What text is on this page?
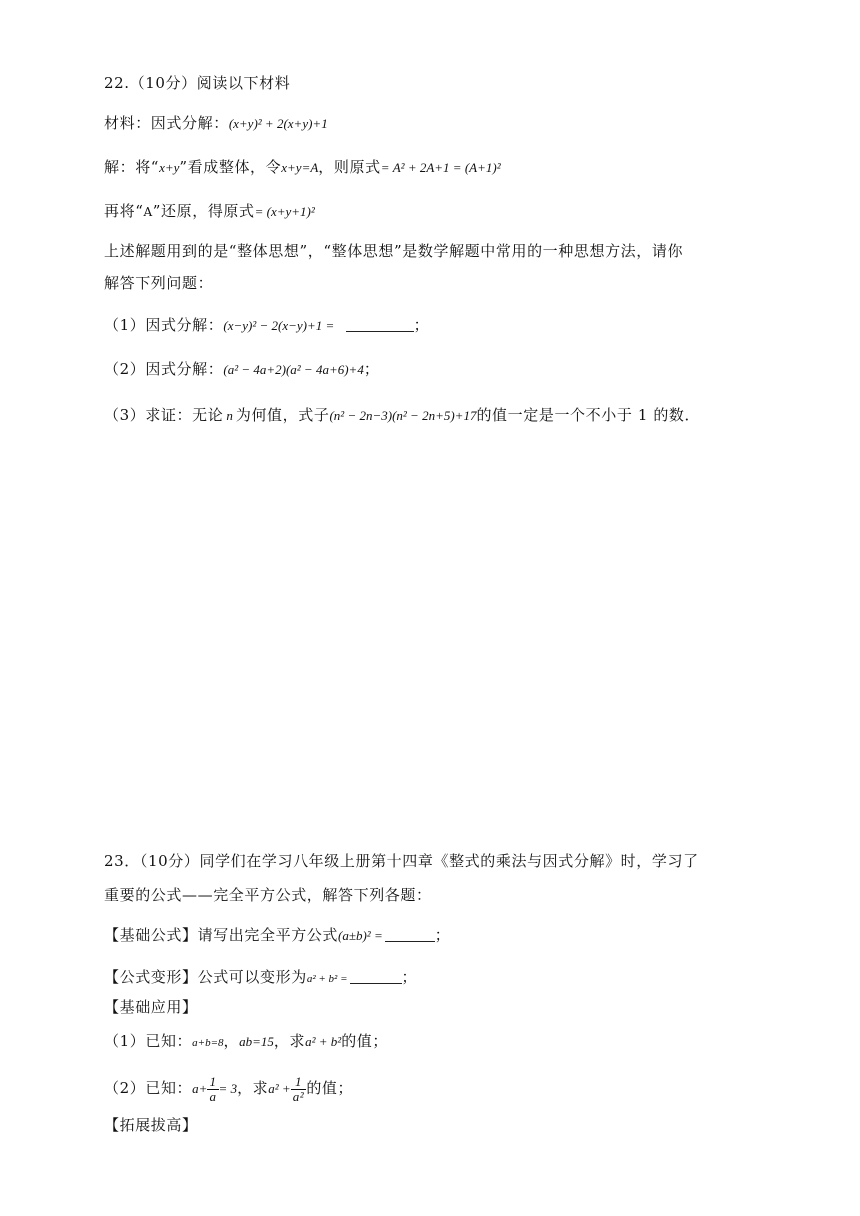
22.（10分）阅读以下材料
材料：因式分解：(x+y)² + 2(x+y)+1
解：将“x+y”看成整体，令x+y=A，则原式= A² + 2A+1 = (A+1)²
再将“A”还原，得原式= (x+y+1)²
上述解题用到的是“整体思想”，“整体思想”是数学解题中常用的一种思想方法，请你
解答下列问题：
（1）因式分解：(x−y)² − 2(x−y)+1 =	；
（2）因式分解：(a² − 4a+2)(a² − 4a+6)+4；
（3）求证：无论 n 为何值，式子(n² − 2n−3)(n² − 2n+5)+17的值一定是一个不小于 1 的数．
23．（10分）同学们在学习八年级上册第十四章《整式的乘法与因式分解》时，学习了
重要的公式——完全平方公式，解答下列各题：
【基础公式】请写出完全平方公式(a±b)² =	；
【公式变形】公式可以变形为a² + b² =	；
【基础应用】
（1）已知：a+b=8，ab=15，求a² + b²的值；
（2）已知：$a+ \frac{1}{a} = 3$，求$a^2 + \frac{1}{\text{a²}}$ 的值；
【拓展拔高】
